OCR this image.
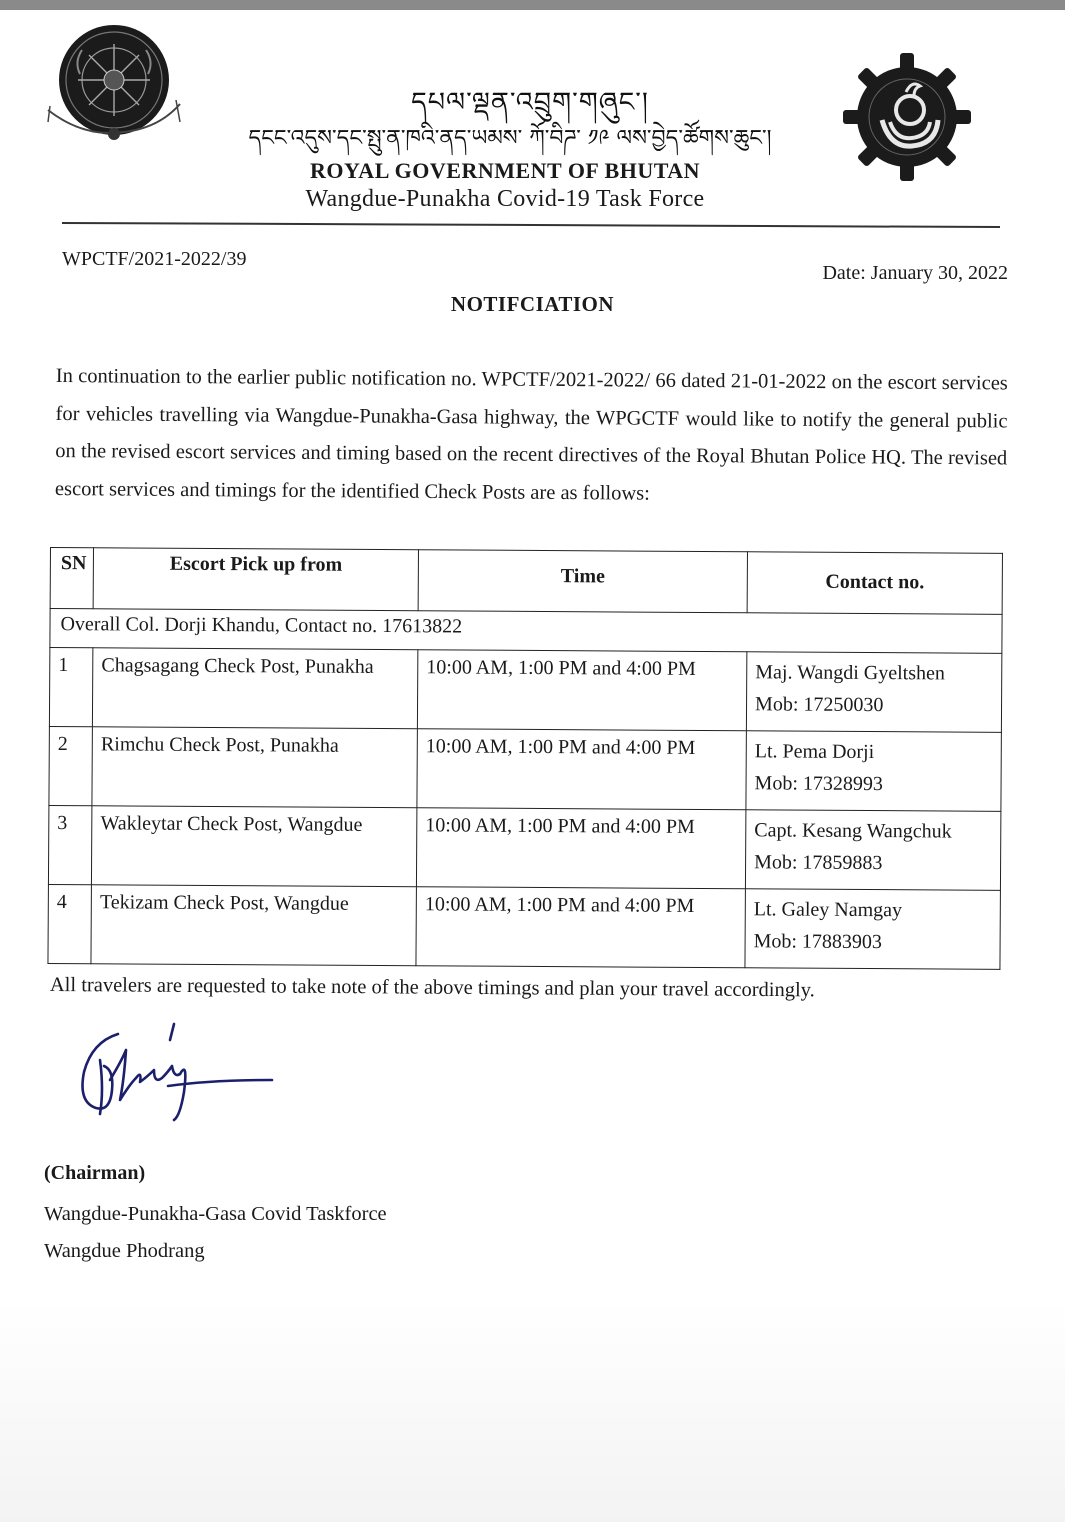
དཔལ་ལྡན་འབྲུག་གཞུང་།
དངང་འདུས་དང་སྤུ་ན་ཁའི་ནད་ཡམས་ ཀོ་བིཌ་ ༡༩ ལས་བྱེད་ཚོགས་ཆུང་།
ROYAL GOVERNMENT OF BHUTAN
Wangdue-Punakha Covid-19 Task Force
WPCTF/2021-2022/39
Date: January 30, 2022
NOTIFCIATION
In continuation to the earlier public notification no. WPCTF/2021-2022/ 66 dated 21-01-2022 on the escort services for vehicles travelling via Wangdue-Punakha-Gasa highway, the WPGCTF would like to notify the general public on the revised escort services and timing based on the recent directives of the Royal Bhutan Police HQ. The revised escort services and timings for the identified Check Posts are as follows:
SN	Escort Pick up from	Time	Contact no.
Overall Col. Dorji Khandu, Contact no. 17613822			
1	Chagsagang Check Post, Punakha	10:00 AM, 1:00 PM and 4:00 PM	Maj. Wangdi Gyeltshen
Mob: 17250030

2	Rimchu Check Post, Punakha	10:00 AM, 1:00 PM and 4:00 PM	Lt. Pema Dorji
Mob: 17328993

3	Wakleytar Check Post, Wangdue	10:00 AM, 1:00 PM and 4:00 PM	Capt. Kesang Wangchuk
Mob: 17859883

4	Tekizam Check Post, Wangdue	10:00 AM, 1:00 PM and 4:00 PM	Lt. Galey Namgay
Mob: 17883903
All travelers are requested to take note of the above timings and plan your travel accordingly.
(Chairman)
Wangdue-Punakha-Gasa Covid Taskforce
Wangdue Phodrang
